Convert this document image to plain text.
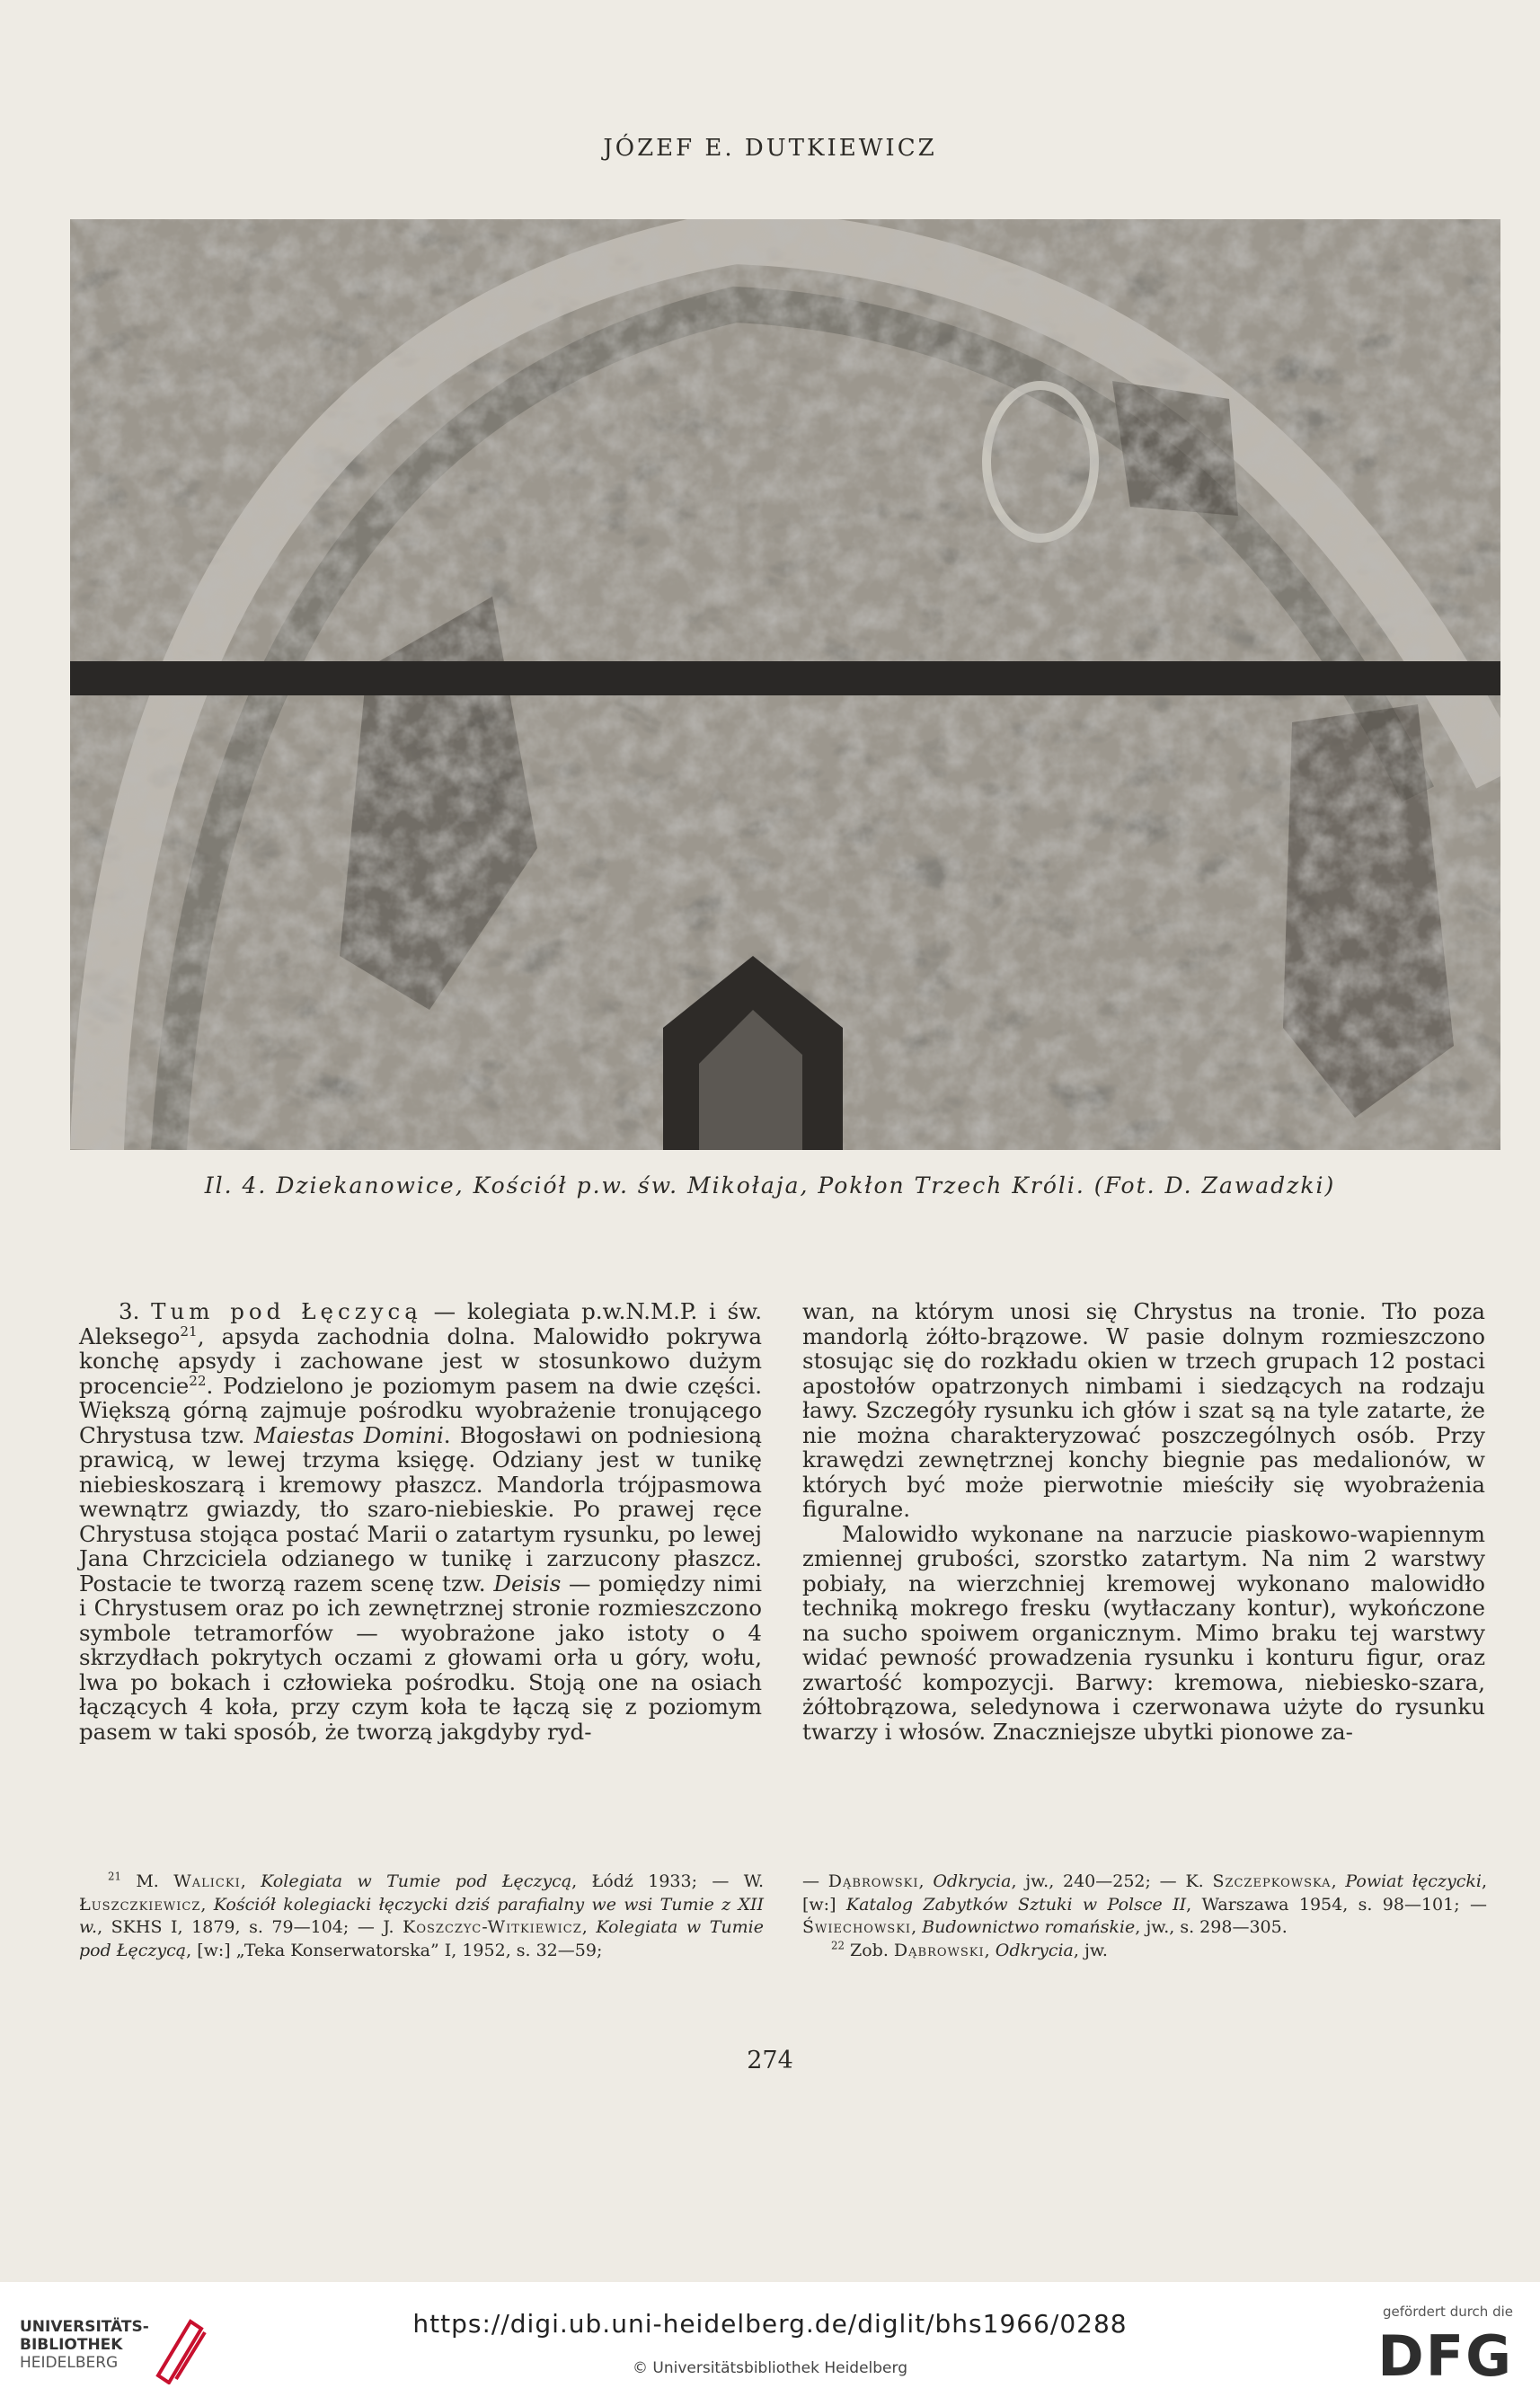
JÓZEF E. DUTKIEWICZ
Il. 4. Dziekanowice, Kościół p.w. św. Mikołaja, Pokłon Trzech Króli. (Fot. D. Zawadzki)

3. Tum pod Łęczycą — kolegiata p.w.N.M.P. i św. Aleksego$^{21}$, apsyda zachodnia dolna. Malowidło pokrywa konchę apsydy i zachowane jest w stosunkowo dużym procencie$^{22}$. Podzielono je poziomym pasem na dwie części. Większą górną zajmuje pośrodku wyobrażenie tronującego Chrystusa tzw. Maiestas Domini. Błogosławi on podniesioną prawicą, w lewej trzyma księgę. Odziany jest w tunikę niebieskoszarą i kremowy płaszcz. Mandorla trójpasmowa wewnątrz gwiazdy, tło szaro-niebieskie. Po prawej ręce Chrystusa stojąca postać Marii o zatartym rysunku, po lewej Jana Chrzciciela odzianego w tunikę i zarzucony płaszcz. Postacie te tworzą razem scenę tzw. Deisis — pomiędzy nimi i Chrystusem oraz po ich zewnętrznej stronie rozmieszczono symbole tetramorfów — wyobrażone jako istoty o 4 skrzydłach pokrytych oczami z głowami orła u góry, wołu, lwa po bokach i człowieka pośrodku. Stoją one na osiach łączących 4 koła, przy czym koła te łączą się z poziomym pasem w taki sposób, że tworzą jakgdyby ryd-

wan, na którym unosi się Chrystus na tronie. Tło poza mandorlą żółto-brązowe. W pasie dolnym rozmieszczono stosując się do rozkładu okien w trzech grupach 12 postaci apostołów opatrzonych nimbami i siedzących na rodzaju ławy. Szczegóły rysunku ich głów i szat są na tyle zatarte, że nie można charakteryzować poszczególnych osób. Przy krawędzi zewnętrznej konchy biegnie pas medalionów, w których być może pierwotnie mieściły się wyobrażenia figuralne.

Malowidło wykonane na narzucie piaskowo-wapiennym zmiennej grubości, szorstko zatartym. Na nim 2 warstwy pobiały, na wierzchniej kremowej wykonano malowidło techniką mokrego fresku (wytłaczany kontur), wykończone na sucho spoiwem organicznym. Mimo braku tej warstwy widać pewność prowadzenia rysunku i konturu figur, oraz zwartość kompozycji. Barwy: kremowa, niebiesko-szara, żółtobrązowa, seledynowa i czerwonawa użyte do rysunku twarzy i włosów. Znaczniejsze ubytki pionowe za-

$^{21}$ M. Walicki, Kolegiata w Tumie pod Łęczycą, Łódź 1933; — W. Łuszczkiewicz, Kościół kolegiacki łęczycki dziś parafialny we wsi Tumie z XII w., SKHS I, 1879, s. 79—104; — J. Koszczyc-Witkiewicz, Kolegiata w Tumie pod Łęczycą, [w:] „Teka Konserwatorska” I, 1952, s. 32—59;

— Dąbrowski, Odkrycia, jw., 240—252; — K. Szczepkowska, Powiat łęczycki, [w:] Katalog Zabytków Sztuki w Polsce II, Warszawa 1954, s. 98—101; — Świechowski, Budownictwo romańskie, jw., s. 298—305.

$^{22}$ Zob. Dąbrowski, Odkrycia, jw.

274
UNIVERSITÄTS-
BIBLIOTHEK
HEIDELBERG
https://digi.ub.uni-heidelberg.de/diglit/bhs1966/0288
© Universitätsbibliothek Heidelberg
gefördert durch die
DFG
